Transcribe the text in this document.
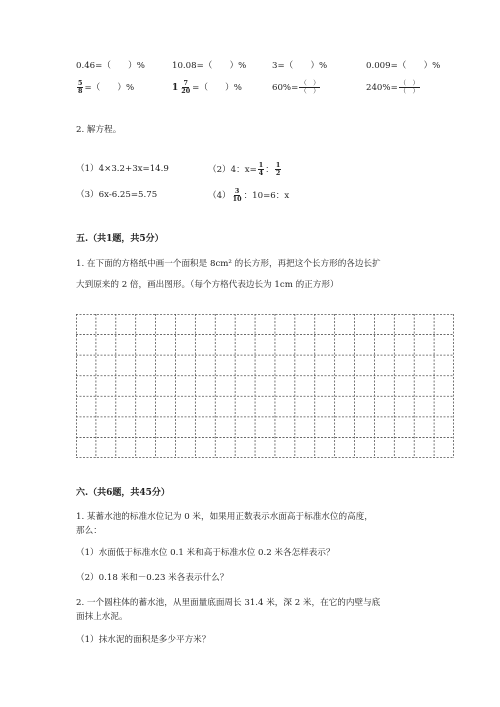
0.46=（　　）%	10.08=（　　）%	3=（　　）%	0.009=（　　）%
$\frac{5}{8}$ =（　　）%	$1 \frac{7}{20}$ =（　　）%	$60\%= \frac{( )}{( )}$	$240\%= \frac{( )}{( )}$
2. 解方程。
（1）4×3.2+3x=14.9	（2）4：$x= \frac{1}{4}$ ： $\frac{1}{2}$
（3）6x-6.25=5.75	$(4) \frac{3}{10}$ ：10=6：x
五.（共1题，共5分）
1. 在下面的方格纸中画一个面积是 8cm² 的长方形，再把这个长方形的各边长扩
大到原来的 2 倍，画出图形。（每个方格代表边长为 1cm 的正方形）
六.（共6题，共45分）
1. 某蓄水池的标准水位记为 0 米，如果用正数表示水面高于标准水位的高度，
那么：
（1）水面低于标准水位 0.1 米和高于标准水位 0.2 米各怎样表示？
（2）0.18 米和－0.23 米各表示什么？
2. 一个圆柱体的蓄水池，从里面量底面周长 31.4 米，深 2 米，在它的内壁与底
面抹上水泥。
（1）抹水泥的面积是多少平方米？
